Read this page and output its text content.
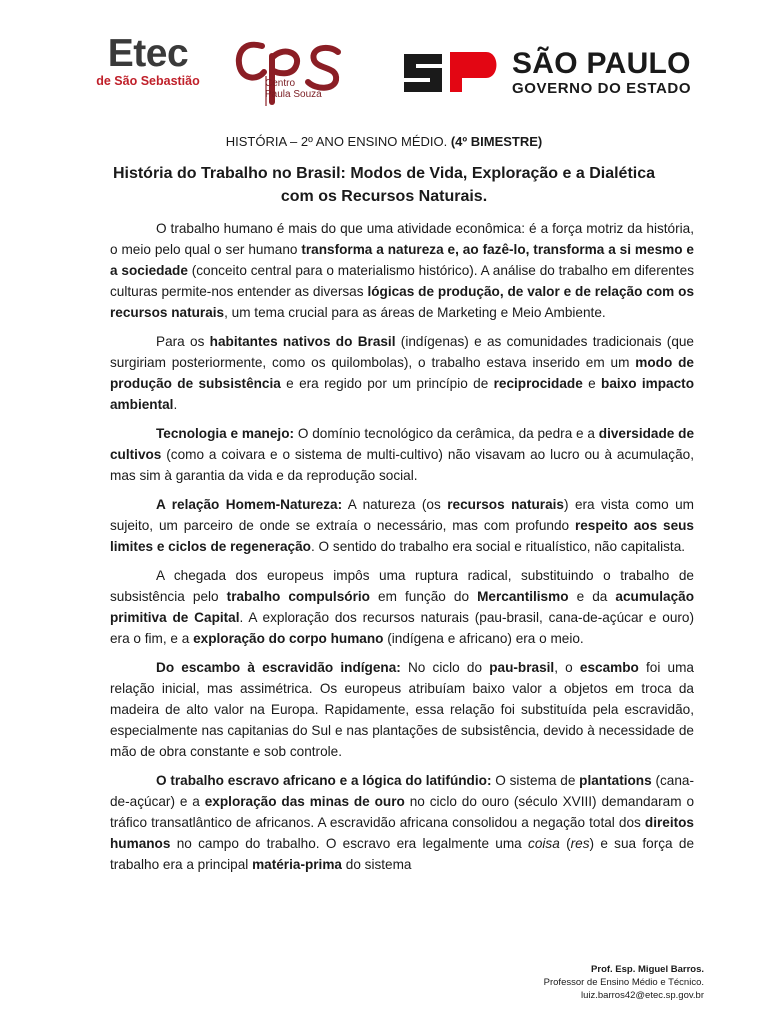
Etec
de São Sebastião	Centro
Paula Souza
SÃO PAULO
GOVERNO DO ESTADO
HISTÓRIA – 2º ANO ENSINO MÉDIO. (4º BIMESTRE)
História do Trabalho no Brasil: Modos de Vida, Exploração e a Dialética com os Recursos Naturais.

O trabalho humano é mais do que uma atividade econômica: é a força motriz da história, o meio pelo qual o ser humano transforma a natureza e, ao fazê-lo, transforma a si mesmo e a sociedade (conceito central para o materialismo histórico). A análise do trabalho em diferentes culturas permite-nos entender as diversas lógicas de produção, de valor e de relação com os recursos naturais, um tema crucial para as áreas de Marketing e Meio Ambiente.

Para os habitantes nativos do Brasil (indígenas) e as comunidades tradicionais (que surgiriam posteriormente, como os quilombolas), o trabalho estava inserido em um modo de produção de subsistência e era regido por um princípio de reciprocidade e baixo impacto ambiental.

Tecnologia e manejo: O domínio tecnológico da cerâmica, da pedra e a diversidade de cultivos (como a coivara e o sistema de multi-cultivo) não visavam ao lucro ou à acumulação, mas sim à garantia da vida e da reprodução social.

A relação Homem-Natureza: A natureza (os recursos naturais) era vista como um sujeito, um parceiro de onde se extraía o necessário, mas com profundo respeito aos seus limites e ciclos de regeneração. O sentido do trabalho era social e ritualístico, não capitalista.

A chegada dos europeus impôs uma ruptura radical, substituindo o trabalho de subsistência pelo trabalho compulsório em função do Mercantilismo e da acumulação primitiva de Capital. A exploração dos recursos naturais (pau-brasil, cana-de-açúcar e ouro) era o fim, e a exploração do corpo humano (indígena e africano) era o meio.

Do escambo à escravidão indígena: No ciclo do pau-brasil, o escambo foi uma relação inicial, mas assimétrica. Os europeus atribuíam baixo valor a objetos em troca da madeira de alto valor na Europa. Rapidamente, essa relação foi substituída pela escravidão, especialmente nas capitanias do Sul e nas plantações de subsistência, devido à necessidade de mão de obra constante e sob controle.

O trabalho escravo africano e a lógica do latifúndio: O sistema de plantations (cana-de-açúcar) e a exploração das minas de ouro no ciclo do ouro (século XVIII) demandaram o tráfico transatlântico de africanos. A escravidão africana consolidou a negação total dos direitos humanos no campo do trabalho. O escravo era legalmente uma coisa (res) e sua força de trabalho era a principal matéria-prima do sistema

Prof. Esp. Miguel Barros.
Professor de Ensino Médio e Técnico.
luiz.barros42@etec.sp.gov.br
